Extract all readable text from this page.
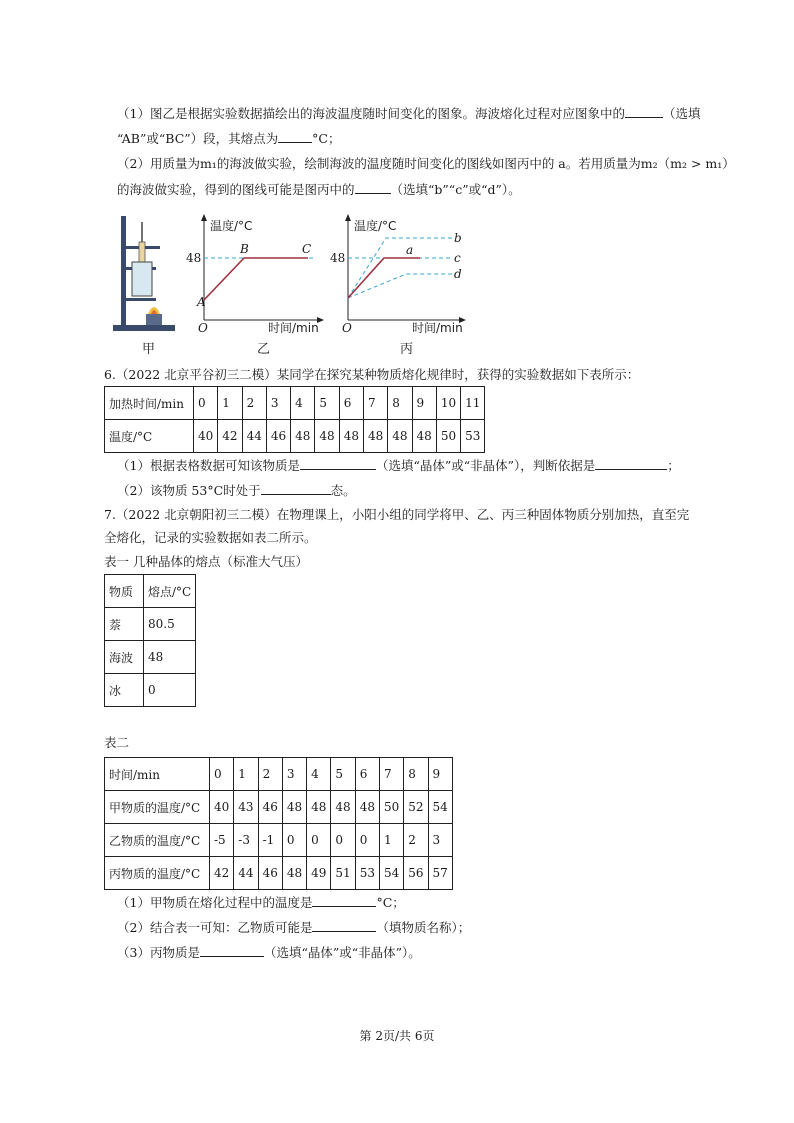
（1）图乙是根据实验数据描绘出的海波温度随时间变化的图象。海波熔化过程对应图象中的	（选填
“AB”或“BC”）段，其熔点为	°C；
（2）用质量为m₁的海波做实验，绘制海波的温度随时间变化的图线如图丙中的 a。若用质量为m₂（m₂ > m₁）
的海波做实验，得到的图线可能是图丙中的	（选填“b”“c”或“d”）。
甲
温度/°C
时间/min
O
48
A
B	C
乙
温度/°C
时间/min
O
48
a
b
c
d
丙
6.（2022 北京平谷初三二模）某同学在探究某种物质熔化规律时，获得的实验数据如下表所示：
加热时间/min	0	1	2	3	4	5	6	7	8	9	10	11
温度/°C	40	42	44	46	48	48	48	48	48	48	50	53
（1）根据表格数据可知该物质是	（选填“晶体”或“非晶体”），判断依据是	；
（2）该物质 53°C时处于	态。
7.（2022 北京朝阳初三二模）在物理课上，小阳小组的同学将甲、乙、丙三种固体物质分别加热，直至完
全熔化，记录的实验数据如表二所示。
表一 几种晶体的熔点（标准大气压）
物质	熔点/°C
萘	80.5
海波	48
冰	0
表二
时间/min	0	1	2	3	4	5	6	7	8	9
甲物质的温度/°C	40	43	46	48	48	48	48	50	52	54
乙物质的温度/°C	-5	-3	-1	0	0	0	0	1	2	3
丙物质的温度/°C	42	44	46	48	49	51	53	54	56	57
（1）甲物质在熔化过程中的温度是	°C；
（2）结合表一可知：乙物质可能是	（填物质名称）；
（3）丙物质是	（选填“晶体”或“非晶体”）。
第 2页/共 6页
